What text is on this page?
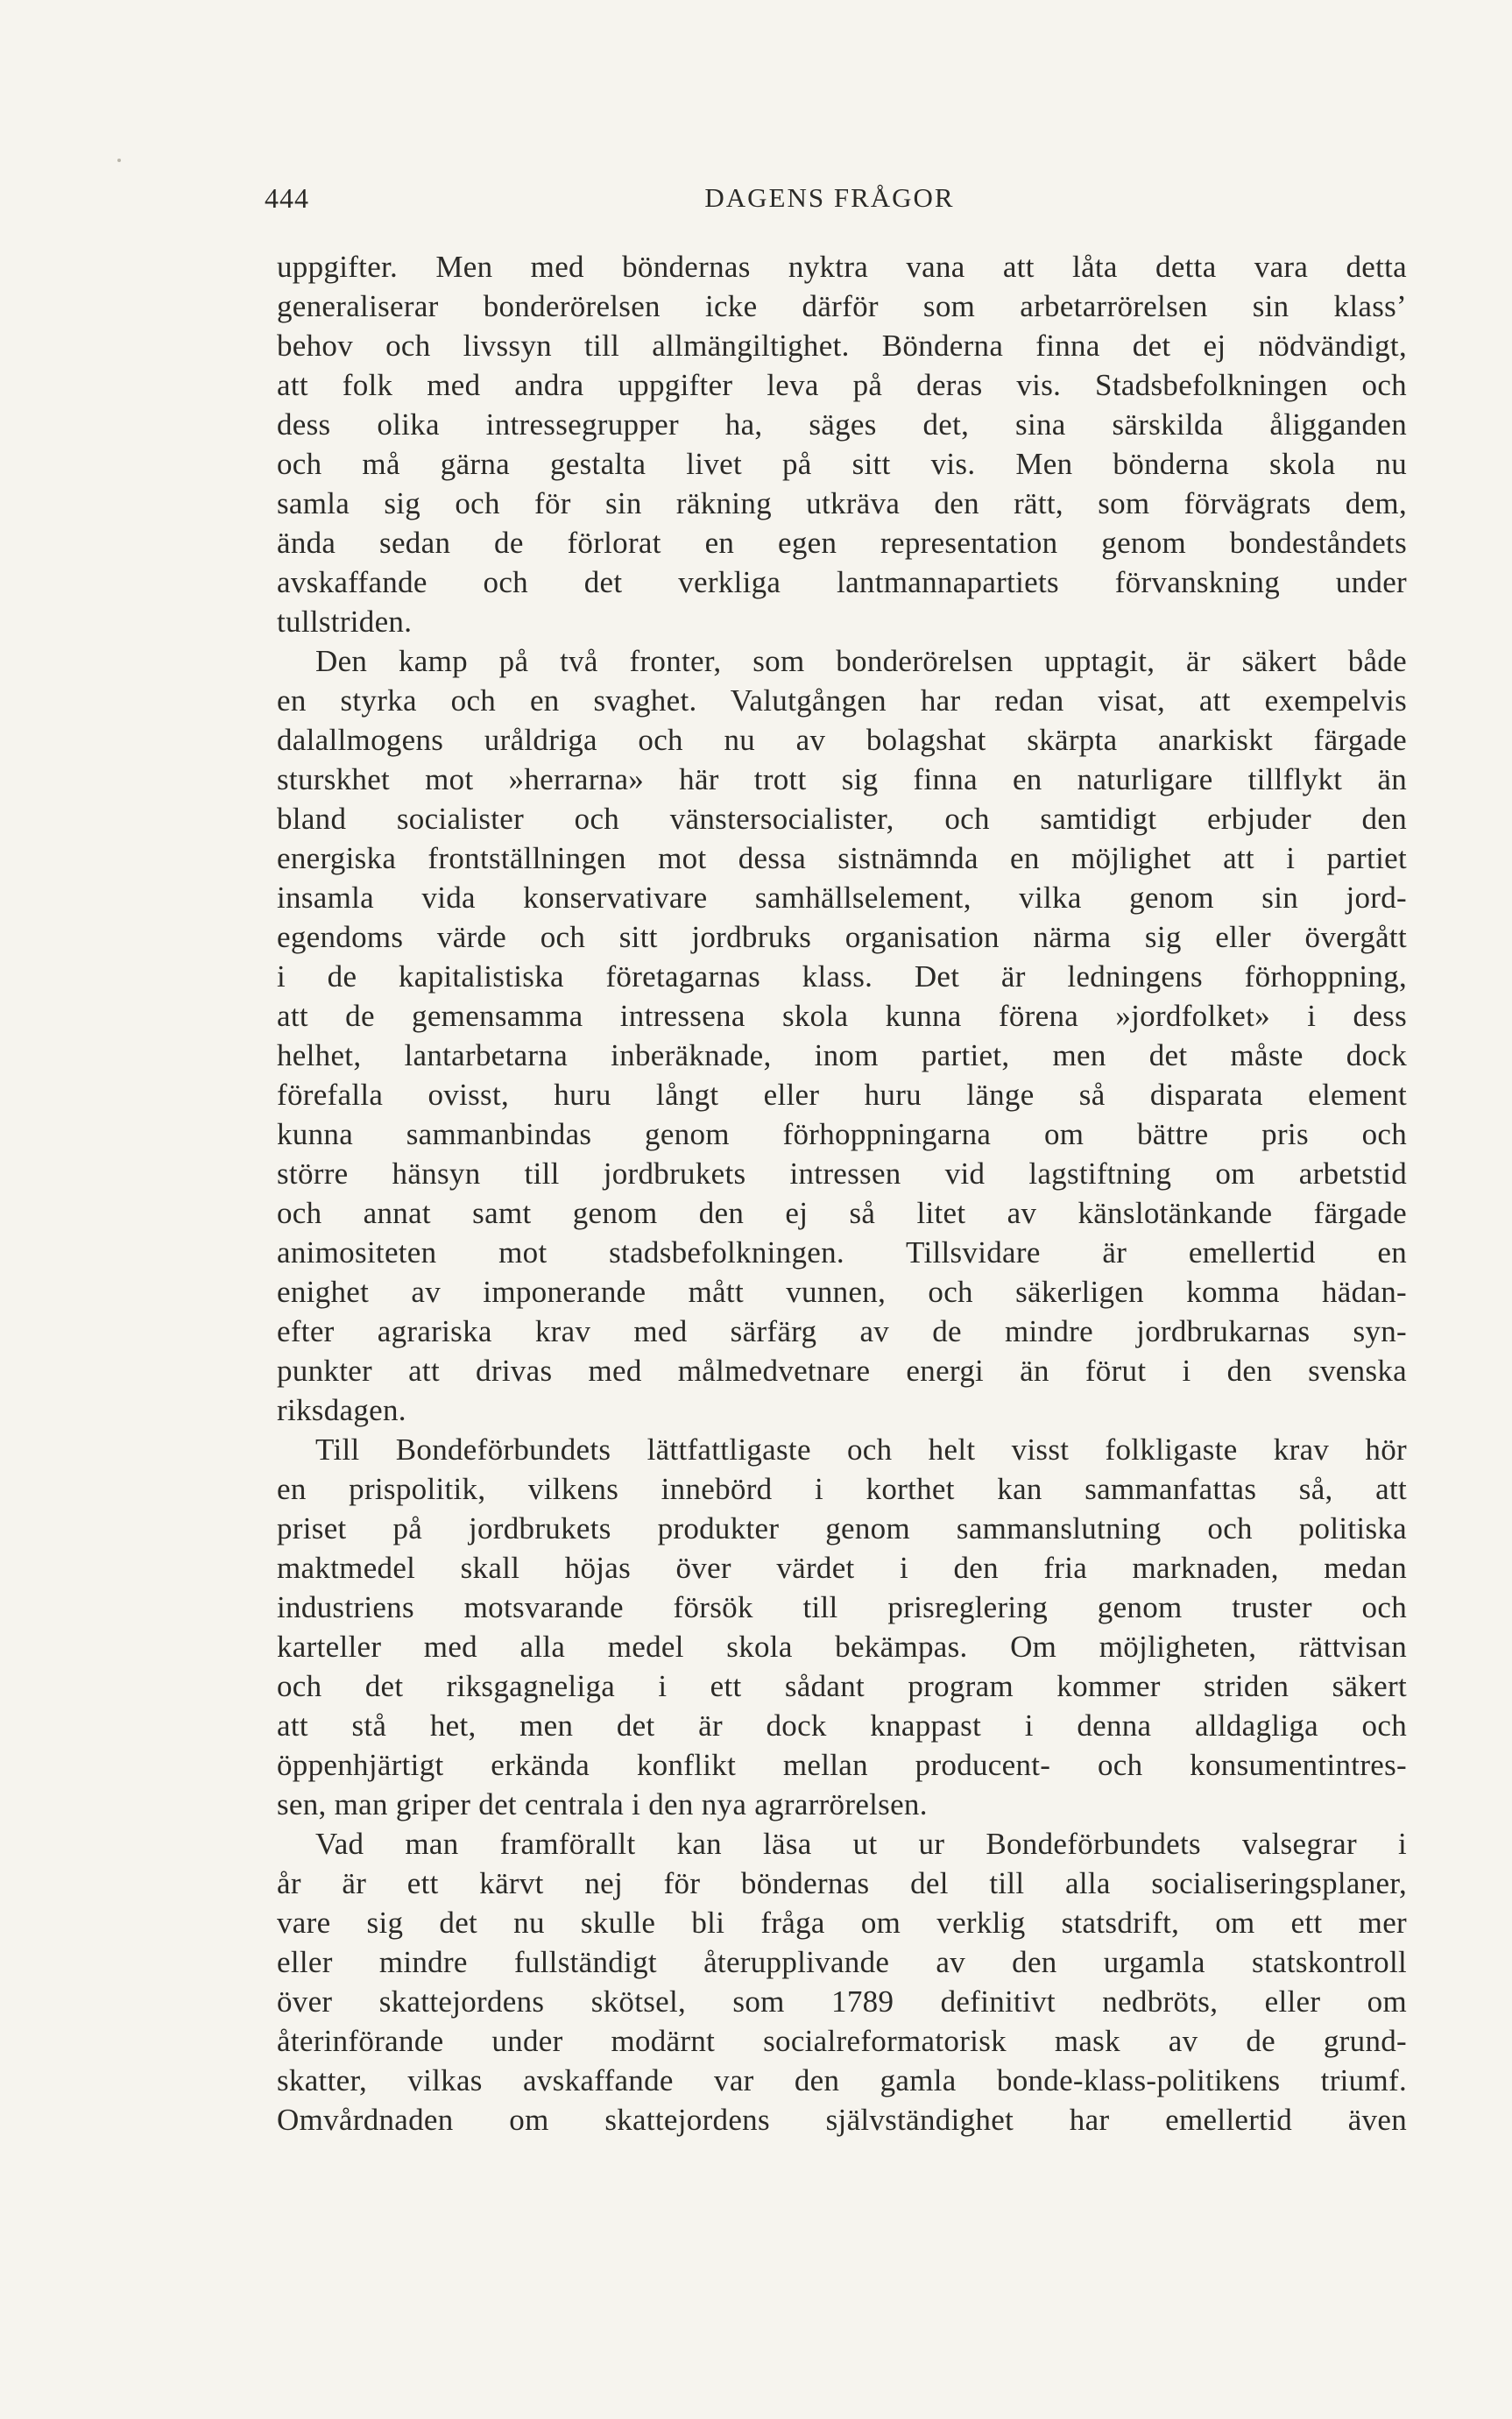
444	DAGENS FRÅGOR
uppgifter. Men med böndernas nyktra vana att låta detta vara detta
generaliserar bonderörelsen icke därför som arbetarrörelsen sin klass’
behov och livssyn till allmängiltighet. Bönderna finna det ej nödvändigt,
att folk med andra uppgifter leva på deras vis. Stadsbefolkningen och
dess olika intressegrupper ha, säges det, sina särskilda åligganden
och må gärna gestalta livet på sitt vis. Men bönderna skola nu
samla sig och för sin räkning utkräva den rätt, som förvägrats dem,
ända sedan de förlorat en egen representation genom bondeståndets
avskaffande och det verkliga lantmannapartiets förvanskning under
tullstriden.
Den kamp på två fronter, som bonderörelsen upptagit, är säkert både
en styrka och en svaghet. Valutgången har redan visat, att exempelvis
dalallmogens uråldriga och nu av bolagshat skärpta anarkiskt färgade
sturskhet mot »herrarna» här trott sig finna en naturligare tillflykt än
bland socialister och vänstersocialister, och samtidigt erbjuder den
energiska frontställningen mot dessa sistnämnda en möjlighet att i partiet
insamla vida konservativare samhällselement, vilka genom sin jord-
egendoms värde och sitt jordbruks organisation närma sig eller övergått
i de kapitalistiska företagarnas klass. Det är ledningens förhoppning,
att de gemensamma intressena skola kunna förena »jordfolket» i dess
helhet, lantarbetarna inberäknade, inom partiet, men det måste dock
förefalla ovisst, huru långt eller huru länge så disparata element
kunna sammanbindas genom förhoppningarna om bättre pris och
större hänsyn till jordbrukets intressen vid lagstiftning om arbetstid
och annat samt genom den ej så litet av känslotänkande färgade
animositeten mot stadsbefolkningen. Tillsvidare är emellertid en
enighet av imponerande mått vunnen, och säkerligen komma hädan-
efter agrariska krav med särfärg av de mindre jordbrukarnas syn-
punkter att drivas med målmedvetnare energi än förut i den svenska
riksdagen.
Till Bondeförbundets lättfattligaste och helt visst folkligaste krav hör
en prispolitik, vilkens innebörd i korthet kan sammanfattas så, att
priset på jordbrukets produkter genom sammanslutning och politiska
maktmedel skall höjas över värdet i den fria marknaden, medan
industriens motsvarande försök till prisreglering genom truster och
karteller med alla medel skola bekämpas. Om möjligheten, rättvisan
och det riksgagneliga i ett sådant program kommer striden säkert
att stå het, men det är dock knappast i denna alldagliga och
öppenhjärtigt erkända konflikt mellan producent- och konsumentintres-
sen, man griper det centrala i den nya agrarrörelsen.
Vad man framförallt kan läsa ut ur Bondeförbundets valsegrar i
år är ett kärvt nej för böndernas del till alla socialiseringsplaner,
vare sig det nu skulle bli fråga om verklig statsdrift, om ett mer
eller mindre fullständigt återupplivande av den urgamla statskontroll
över skattejordens skötsel, som 1789 definitivt nedbröts, eller om
återinförande under modärnt socialreformatorisk mask av de grund-
skatter, vilkas avskaffande var den gamla bonde-klass-politikens triumf.
Omvårdnaden om skattejordens självständighet har emellertid även
